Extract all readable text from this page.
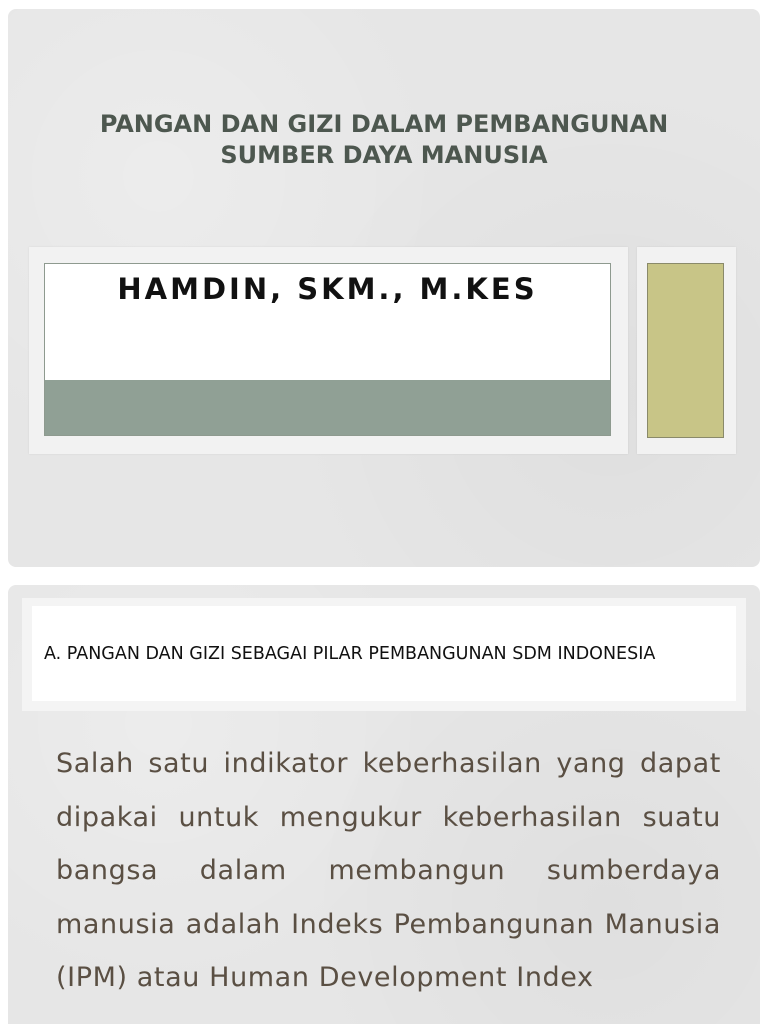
PANGAN DAN GIZI DALAM PEMBANGUNAN
SUMBER DAYA MANUSIA
HAMDIN, SKM., M.KES
A. PANGAN DAN GIZI SEBAGAI PILAR PEMBANGUNAN SDM INDONESIA
Salah satu indikator keberhasilan yang dapat dipakai untuk mengukur keberhasilan suatu bangsa dalam membangun sumberdaya manusia adalah Indeks Pembangunan Manusia (IPM) atau Human Development Index
